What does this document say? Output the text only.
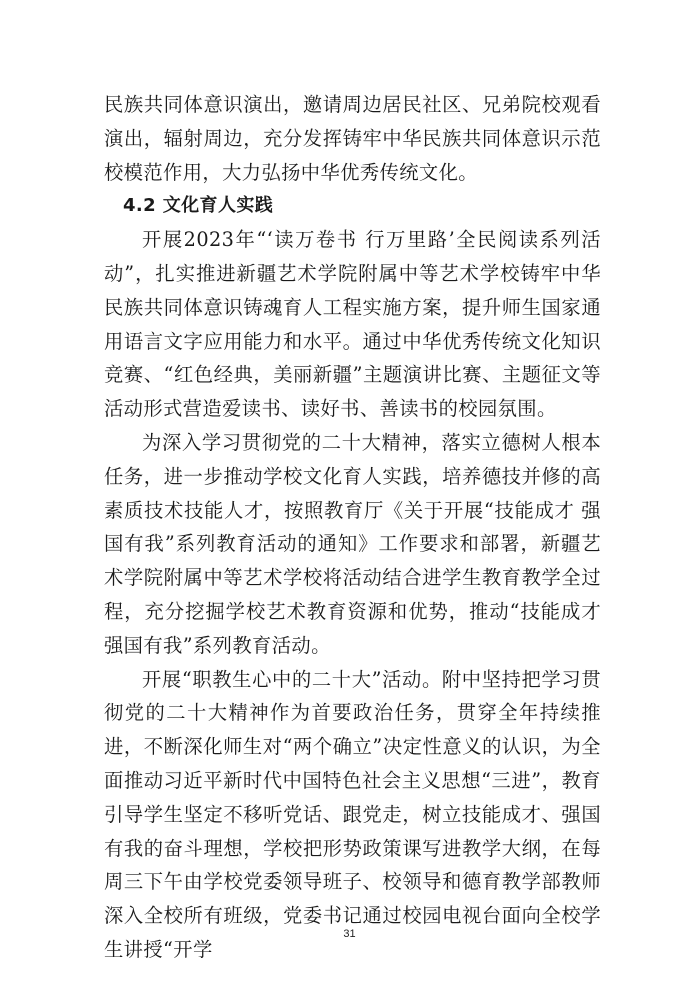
民族共同体意识演出，邀请周边居民社区、兄弟院校观看演出，辐射周边，充分发挥铸牢中华民族共同体意识示范校模范作用，大力弘扬中华优秀传统文化。

4.2 文化育人实践

开展2023年“‘读万卷书 行万里路’全民阅读系列活动”，扎实推进新疆艺术学院附属中等艺术学校铸牢中华民族共同体意识铸魂育人工程实施方案，提升师生国家通用语言文字应用能力和水平。通过中华优秀传统文化知识竞赛、“红色经典，美丽新疆”主题演讲比赛、主题征文等活动形式营造爱读书、读好书、善读书的校园氛围。

为深入学习贯彻党的二十大精神，落实立德树人根本任务，进一步推动学校文化育人实践，培养德技并修的高素质技术技能人才，按照教育厅《关于开展“技能成才 强国有我”系列教育活动的通知》工作要求和部署，新疆艺术学院附属中等艺术学校将活动结合进学生教育教学全过程，充分挖掘学校艺术教育资源和优势，推动“技能成才 强国有我”系列教育活动。

开展“职教生心中的二十大”活动。附中坚持把学习贯彻党的二十大精神作为首要政治任务，贯穿全年持续推进，不断深化师生对“两个确立”决定性意义的认识，为全面推动习近平新时代中国特色社会主义思想“三进”，教育引导学生坚定不移听党话、跟党走，树立技能成才、强国有我的奋斗理想，学校把形势政策课写进教学大纲，在每周三下午由学校党委领导班子、校领导和德育教学部教师深入全校所有班级，党委书记通过校园电视台面向全校学生讲授“开学

31
